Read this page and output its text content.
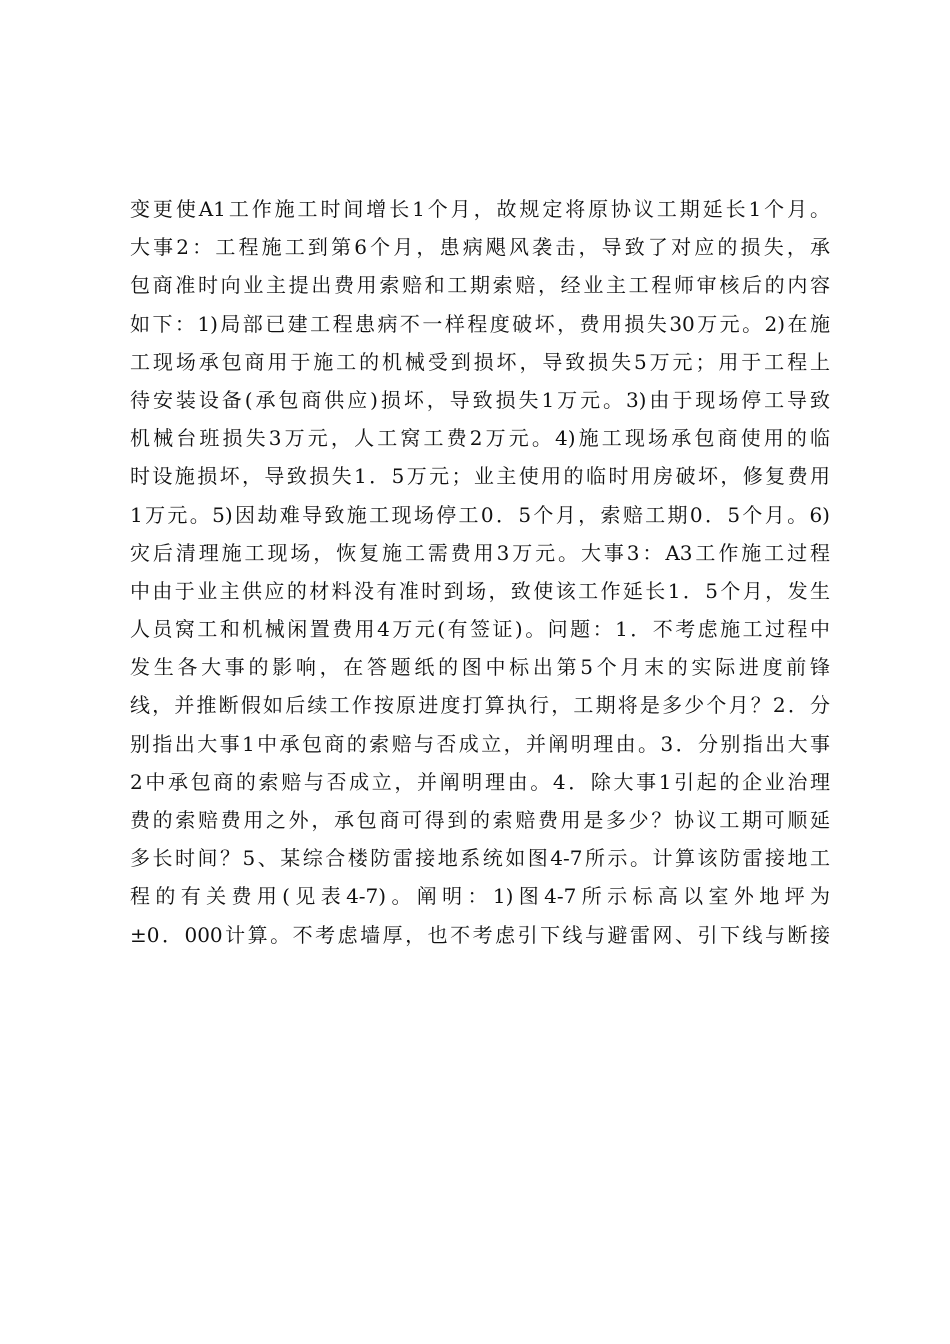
变更使A1工作施工时间增长1个月，故规定将原协议工期延长1个月。
大事2：工程施工到第6个月，患病飓风袭击，导致了对应的损失，承
包商准时向业主提出费用索赔和工期索赔，经业主工程师审核后的内容
如下：1)局部已建工程患病不一样程度破坏，费用损失30万元。2)在施
工现场承包商用于施工的机械受到损坏，导致损失5万元；用于工程上
待安装设备(承包商供应)损坏，导致损失1万元。3)由于现场停工导致
机械台班损失3万元，人工窝工费2万元。4)施工现场承包商使用的临
时设施损坏，导致损失1．5万元；业主使用的临时用房破坏，修复费用
1万元。5)因劫难导致施工现场停工0．5个月，索赔工期0．5个月。6)
灾后清理施工现场，恢复施工需费用3万元。大事3：A3工作施工过程
中由于业主供应的材料没有准时到场，致使该工作延长1．5个月，发生
人员窝工和机械闲置费用4万元(有签证)。问题：1．不考虑施工过程中
发生各大事的影响，在答题纸的图中标出第5个月末的实际进度前锋
线，并推断假如后续工作按原进度打算执行，工期将是多少个月？2．分
别指出大事1中承包商的索赔与否成立，并阐明理由。3．分别指出大事
2中承包商的索赔与否成立，并阐明理由。4．除大事1引起的企业治理
费的索赔费用之外，承包商可得到的索赔费用是多少？协议工期可顺延
多长时间？5、某综合楼防雷接地系统如图4-7所示。计算该防雷接地工
程的有关费用(见表4-7)。阐明：1)图4-7所示标高以室外地坪为
±0．000计算。不考虑墙厚，也不考虑引下线与避雷网、引下线与断接
